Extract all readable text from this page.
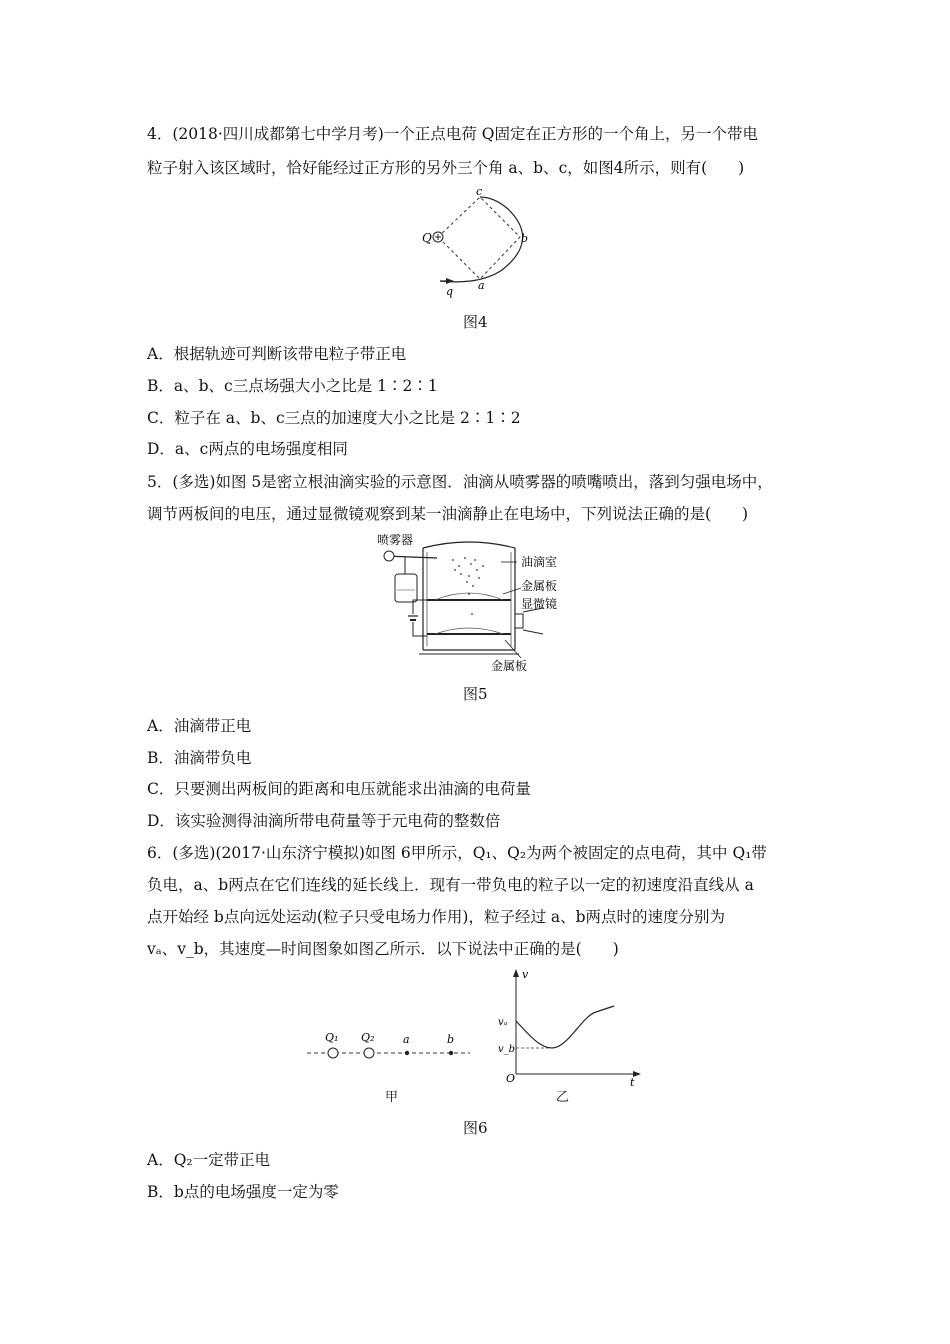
4．(2018·四川成都第七中学月考)一个正点电荷 Q固定在正方形的一个角上，另一个带电
粒子射入该区域时，恰好能经过正方形的另外三个角 a、b、c，如图4所示，则有(　　)
Q
c
b
a
q
图4
A．根据轨迹可判断该带电粒子带正电
B．a、b、c三点场强大小之比是 1∶2∶1
C．粒子在 a、b、c三点的加速度大小之比是 2∶1∶2
D．a、c两点的电场强度相同
5．(多选)如图 5是密立根油滴实验的示意图．油滴从喷雾器的喷嘴喷出，落到匀强电场中，
调节两板间的电压，通过显微镜观察到某一油滴静止在电场中，下列说法正确的是(　　)
喷雾器
油滴室
金属板
显微镜
金属板
图5
A．油滴带正电
B．油滴带负电
C．只要测出两板间的距离和电压就能求出油滴的电荷量
D．该实验测得油滴所带电荷量等于元电荷的整数倍
6．(多选)(2017·山东济宁模拟)如图 6甲所示，Q₁、Q₂为两个被固定的点电荷，其中 Q₁带
负电，a、b两点在它们连线的延长线上．现有一带负电的粒子以一定的初速度沿直线从 a
点开始经 b点向远处运动(粒子只受电场力作用)，粒子经过 a、b两点时的速度分别为
vₐ、v_b，其速度—时间图象如图乙所示．以下说法中正确的是(　　)
Q₁ Q₂	a	b
甲
v
t
O
vₐ
v_b
乙
图6
A．Q₂一定带正电
B．b点的电场强度一定为零
